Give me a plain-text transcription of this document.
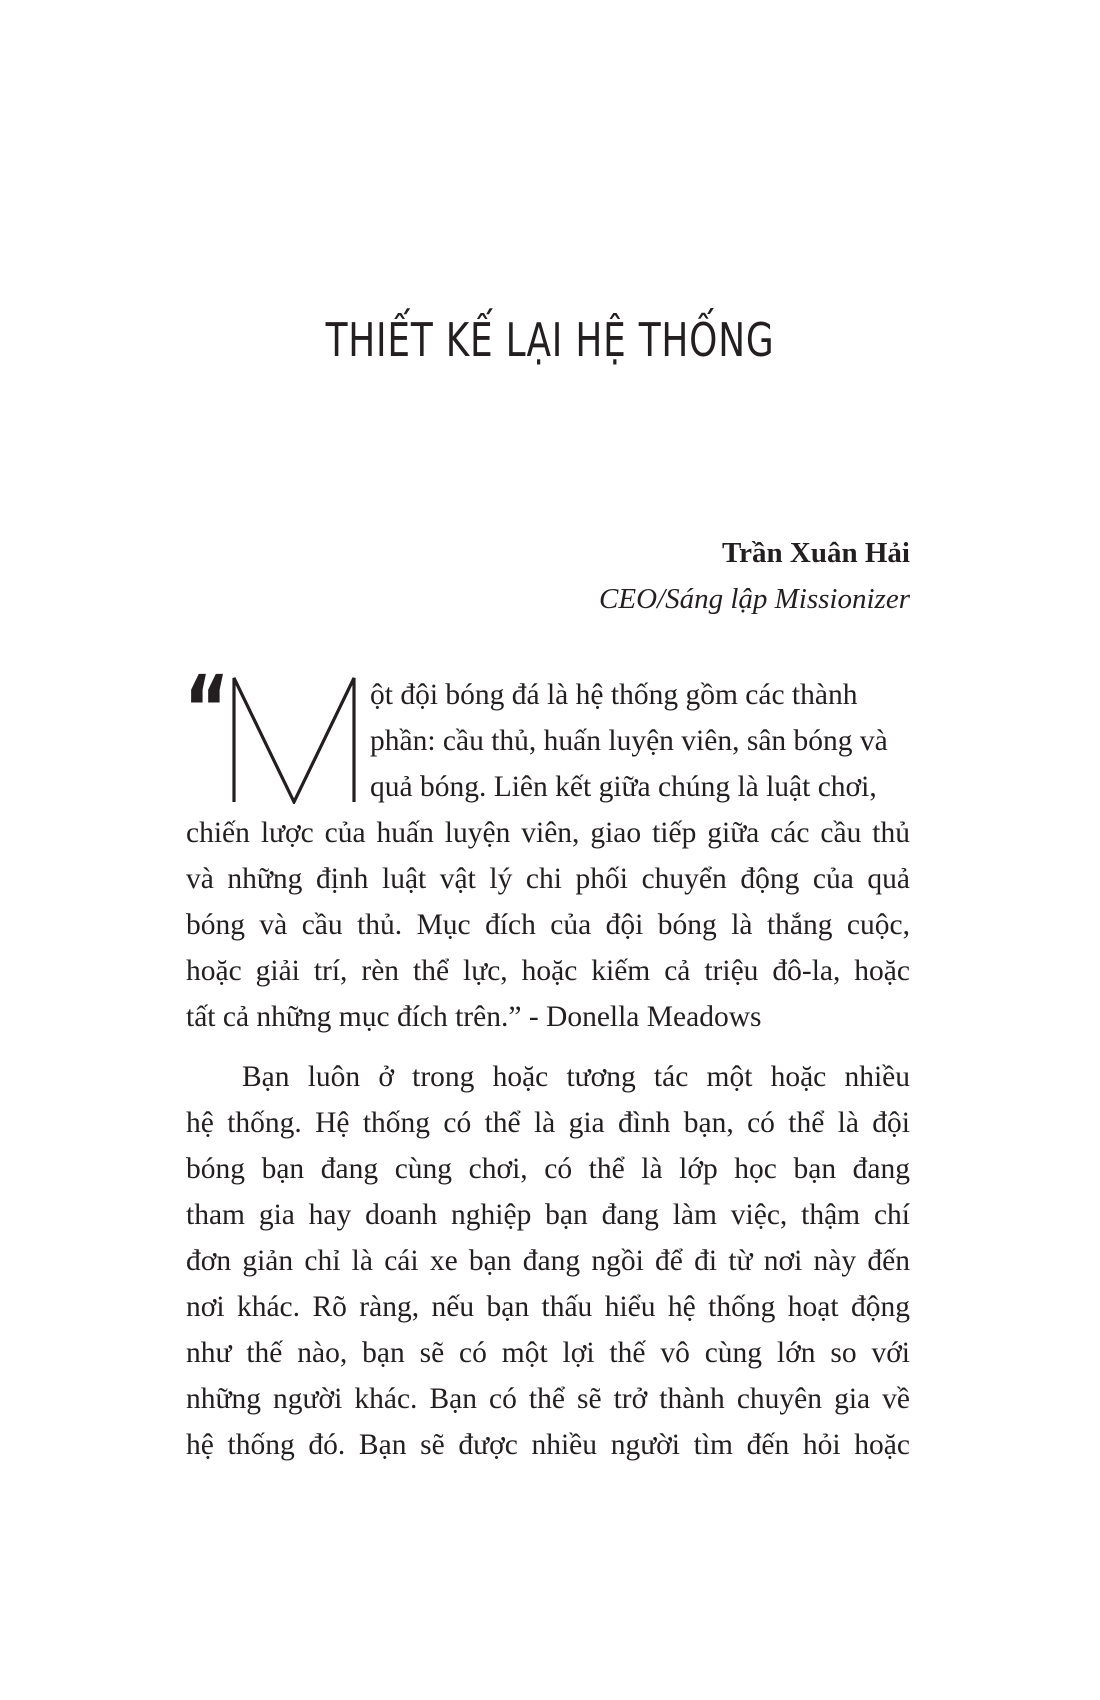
THIẾT KẾ LẠI HỆ THỐNG
Trần Xuân Hải
CEO/Sáng lập Missionizer
“	ột đội bóng đá là hệ thống gồm các thành
phần: cầu thủ, huấn luyện viên, sân bóng và
quả bóng. Liên kết giữa chúng là luật chơi,
chiến lược của huấn luyện viên, giao tiếp giữa các cầu thủ
và những định luật vật lý chi phối chuyển động của quả
bóng và cầu thủ. Mục đích của đội bóng là thắng cuộc,
hoặc giải trí, rèn thể lực, hoặc kiếm cả triệu đô-la, hoặc
tất cả những mục đích trên.” - Donella Meadows
Bạn luôn ở trong hoặc tương tác một hoặc nhiều
hệ thống. Hệ thống có thể là gia đình bạn, có thể là đội
bóng bạn đang cùng chơi, có thể là lớp học bạn đang
tham gia hay doanh nghiệp bạn đang làm việc, thậm chí
đơn giản chỉ là cái xe bạn đang ngồi để đi từ nơi này đến
nơi khác. Rõ ràng, nếu bạn thấu hiểu hệ thống hoạt động
như thế nào, bạn sẽ có một lợi thế vô cùng lớn so với
những người khác. Bạn có thể sẽ trở thành chuyên gia về
hệ thống đó. Bạn sẽ được nhiều người tìm đến hỏi hoặc
